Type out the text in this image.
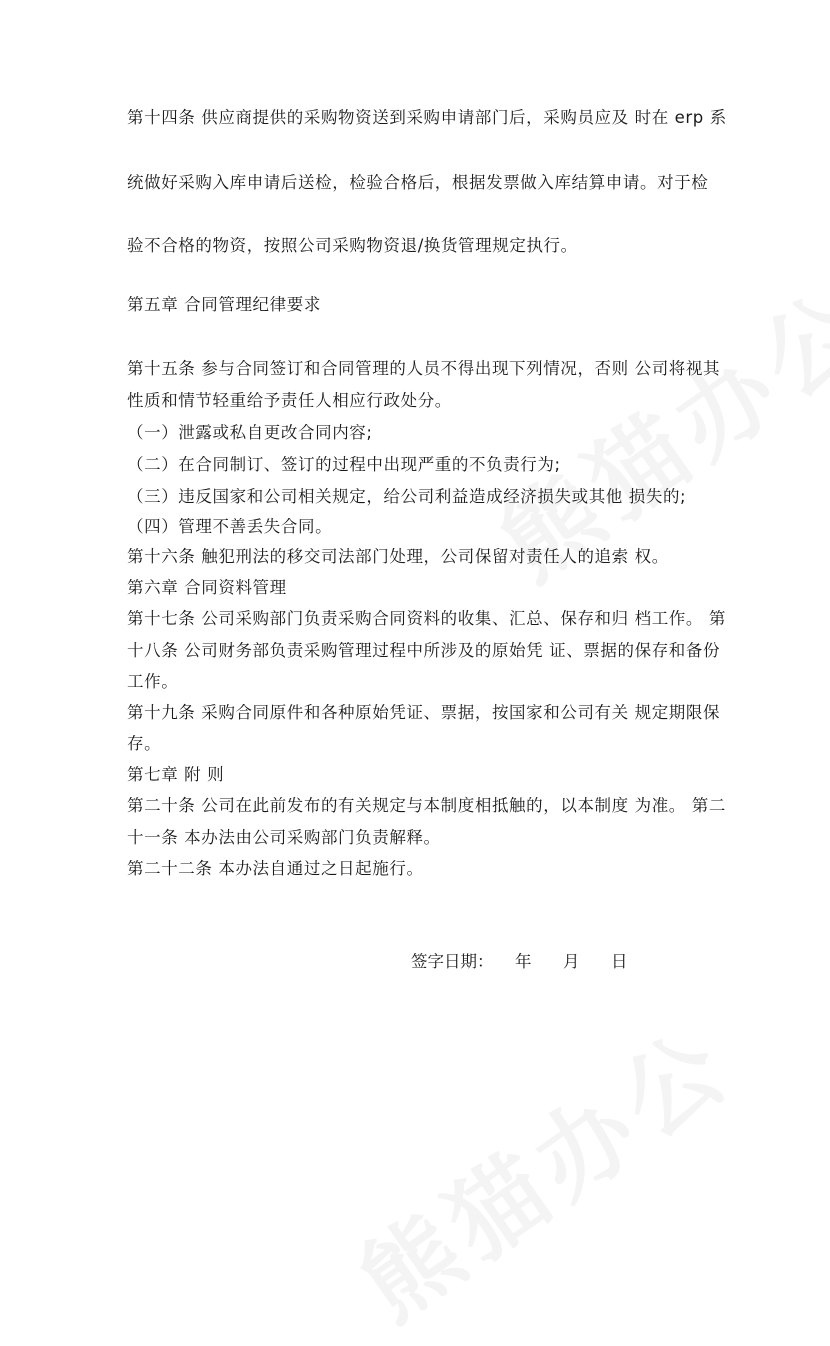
第十四条 供应商提供的采购物资送到采购申请部门后，采购员应及 时在 erp 系
统做好采购入库申请后送检，检验合格后，根据发票做入库结算申请。对于检
验不合格的物资，按照公司采购物资退/换货管理规定执行。
第五章 合同管理纪律要求
第十五条 参与合同签订和合同管理的人员不得出现下列情况，否则 公司将视其
性质和情节轻重给予责任人相应行政处分。
（一）泄露或私自更改合同内容;
（二）在合同制订、签订的过程中出现严重的不负责行为;
（三）违反国家和公司相关规定，给公司利益造成经济损失或其他 损失的;
（四）管理不善丢失合同。
第十六条 触犯刑法的移交司法部门处理，公司保留对责任人的追索 权。
第六章 合同资料管理
第十七条 公司采购部门负责采购合同资料的收集、汇总、保存和归 档工作。 第
十八条 公司财务部负责采购管理过程中所涉及的原始凭 证、票据的保存和备份
工作。
第十九条 采购合同原件和各种原始凭证、票据，按国家和公司有关 规定期限保
存。
第七章 附 则
第二十条 公司在此前发布的有关规定与本制度相抵触的，以本制度 为准。 第二
十一条 本办法由公司采购部门负责解释。
第二十二条 本办法自通过之日起施行。
签字日期：	年	月	日
